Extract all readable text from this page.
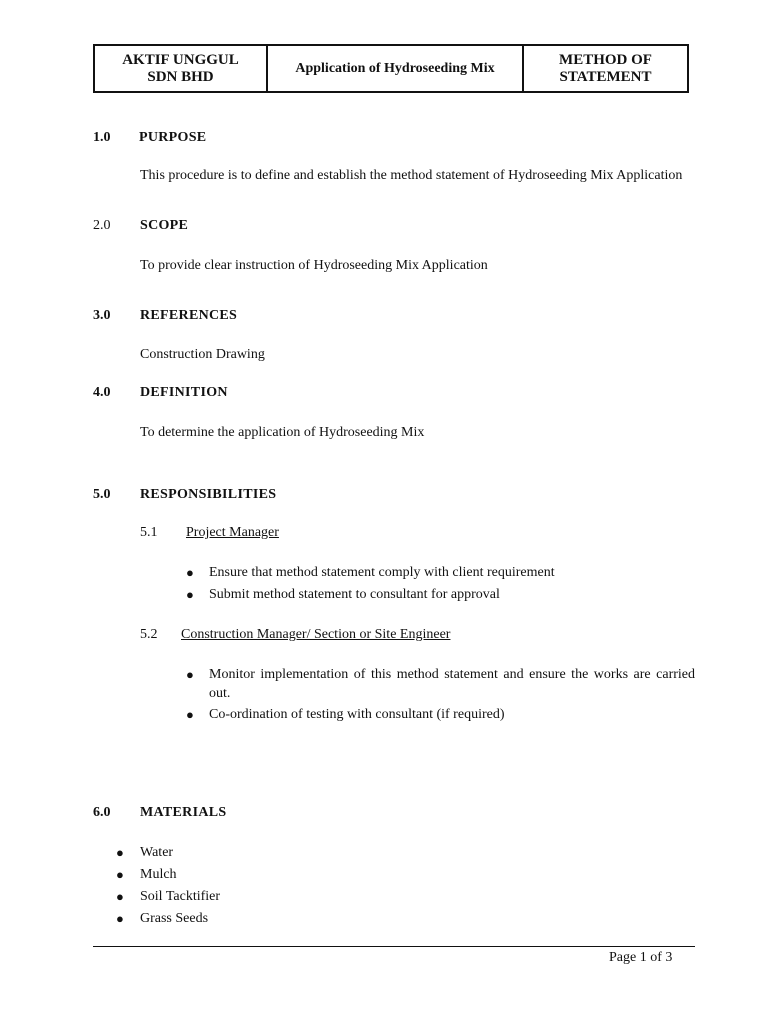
AKTIF UNGGUL
SDN BHD	Application of Hydroseeding Mix
METHOD OF
STATEMENT
1.0 PURPOSE
This procedure is to define and establish the method statement of Hydroseeding Mix Application
2.0 SCOPE
To provide clear instruction of Hydroseeding Mix Application
3.0 REFERENCES
Construction Drawing
4.0 DEFINITION
To determine the application of Hydroseeding Mix
5.0 RESPONSIBILITIES
5.1 Project Manager
● Ensure that method statement comply with client requirement
● Submit method statement to consultant for approval
5.2 Construction Manager/ Section or Site Engineer
● Monitor implementation of this method statement and ensure the works are carried out.
● Co-ordination of testing with consultant (if required)
6.0 MATERIALS
● Water
● Mulch
● Soil Tacktifier
● Grass Seeds
Page 1 of 3
